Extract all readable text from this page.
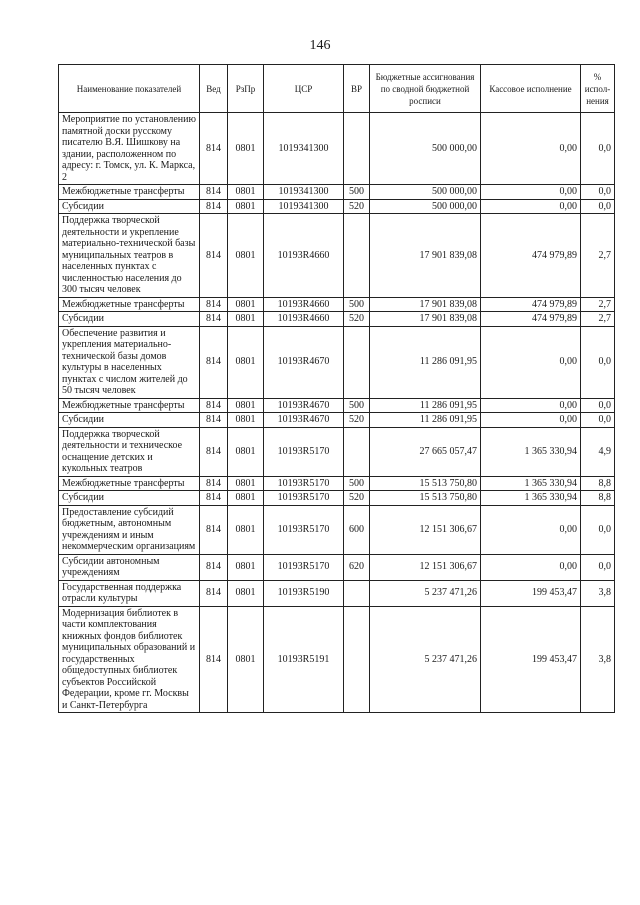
146
Наименование показателей	Вед	РзПр	ЦСР	ВР	Бюджетные ассигнования по сводной бюджетной росписи	Кассовое исполнение	% испол-нения
Мероприятие по установлению памятной доски русскому писателю В.Я. Шишкову на здании, расположенном по адресу: г. Томск, ул. К. Маркса, 2	814	0801	1019341300		500 000,00	0,00	0,0
Межбюджетные трансферты	814	0801	1019341300	500	500 000,00	0,00	0,0
Субсидии	814	0801	1019341300	520	500 000,00	0,00	0,0
Поддержка творческой деятельности и укрепление материально-технической базы муниципальных театров в населенных пунктах с численностью населения до 300 тысяч человек	814	0801	10193R4660		17 901 839,08	474 979,89	2,7
Межбюджетные трансферты	814	0801	10193R4660	500	17 901 839,08	474 979,89	2,7
Субсидии	814	0801	10193R4660	520	17 901 839,08	474 979,89	2,7
Обеспечение развития и укрепления материально-технической базы домов культуры в населенных пунктах с числом жителей до 50 тысяч человек	814	0801	10193R4670		11 286 091,95	0,00	0,0
Межбюджетные трансферты	814	0801	10193R4670	500	11 286 091,95	0,00	0,0
Субсидии	814	0801	10193R4670	520	11 286 091,95	0,00	0,0
Поддержка творческой деятельности и техническое оснащение детских и кукольных театров	814	0801	10193R5170		27 665 057,47	1 365 330,94	4,9
Межбюджетные трансферты	814	0801	10193R5170	500	15 513 750,80	1 365 330,94	8,8
Субсидии	814	0801	10193R5170	520	15 513 750,80	1 365 330,94	8,8
Предоставление субсидий бюджетным, автономным учреждениям и иным некоммерческим организациям	814	0801	10193R5170	600	12 151 306,67	0,00	0,0
Субсидии автономным учреждениям	814	0801	10193R5170	620	12 151 306,67	0,00	0,0
Государственная поддержка отрасли культуры	814	0801	10193R5190		5 237 471,26	199 453,47	3,8
Модернизация библиотек в части комплектования книжных фондов библиотек муниципальных образований и государственных общедоступных библиотек субъектов Российской Федерации, кроме гг. Москвы и Санкт-Петербурга	814	0801	10193R5191		5 237 471,26	199 453,47	3,8
